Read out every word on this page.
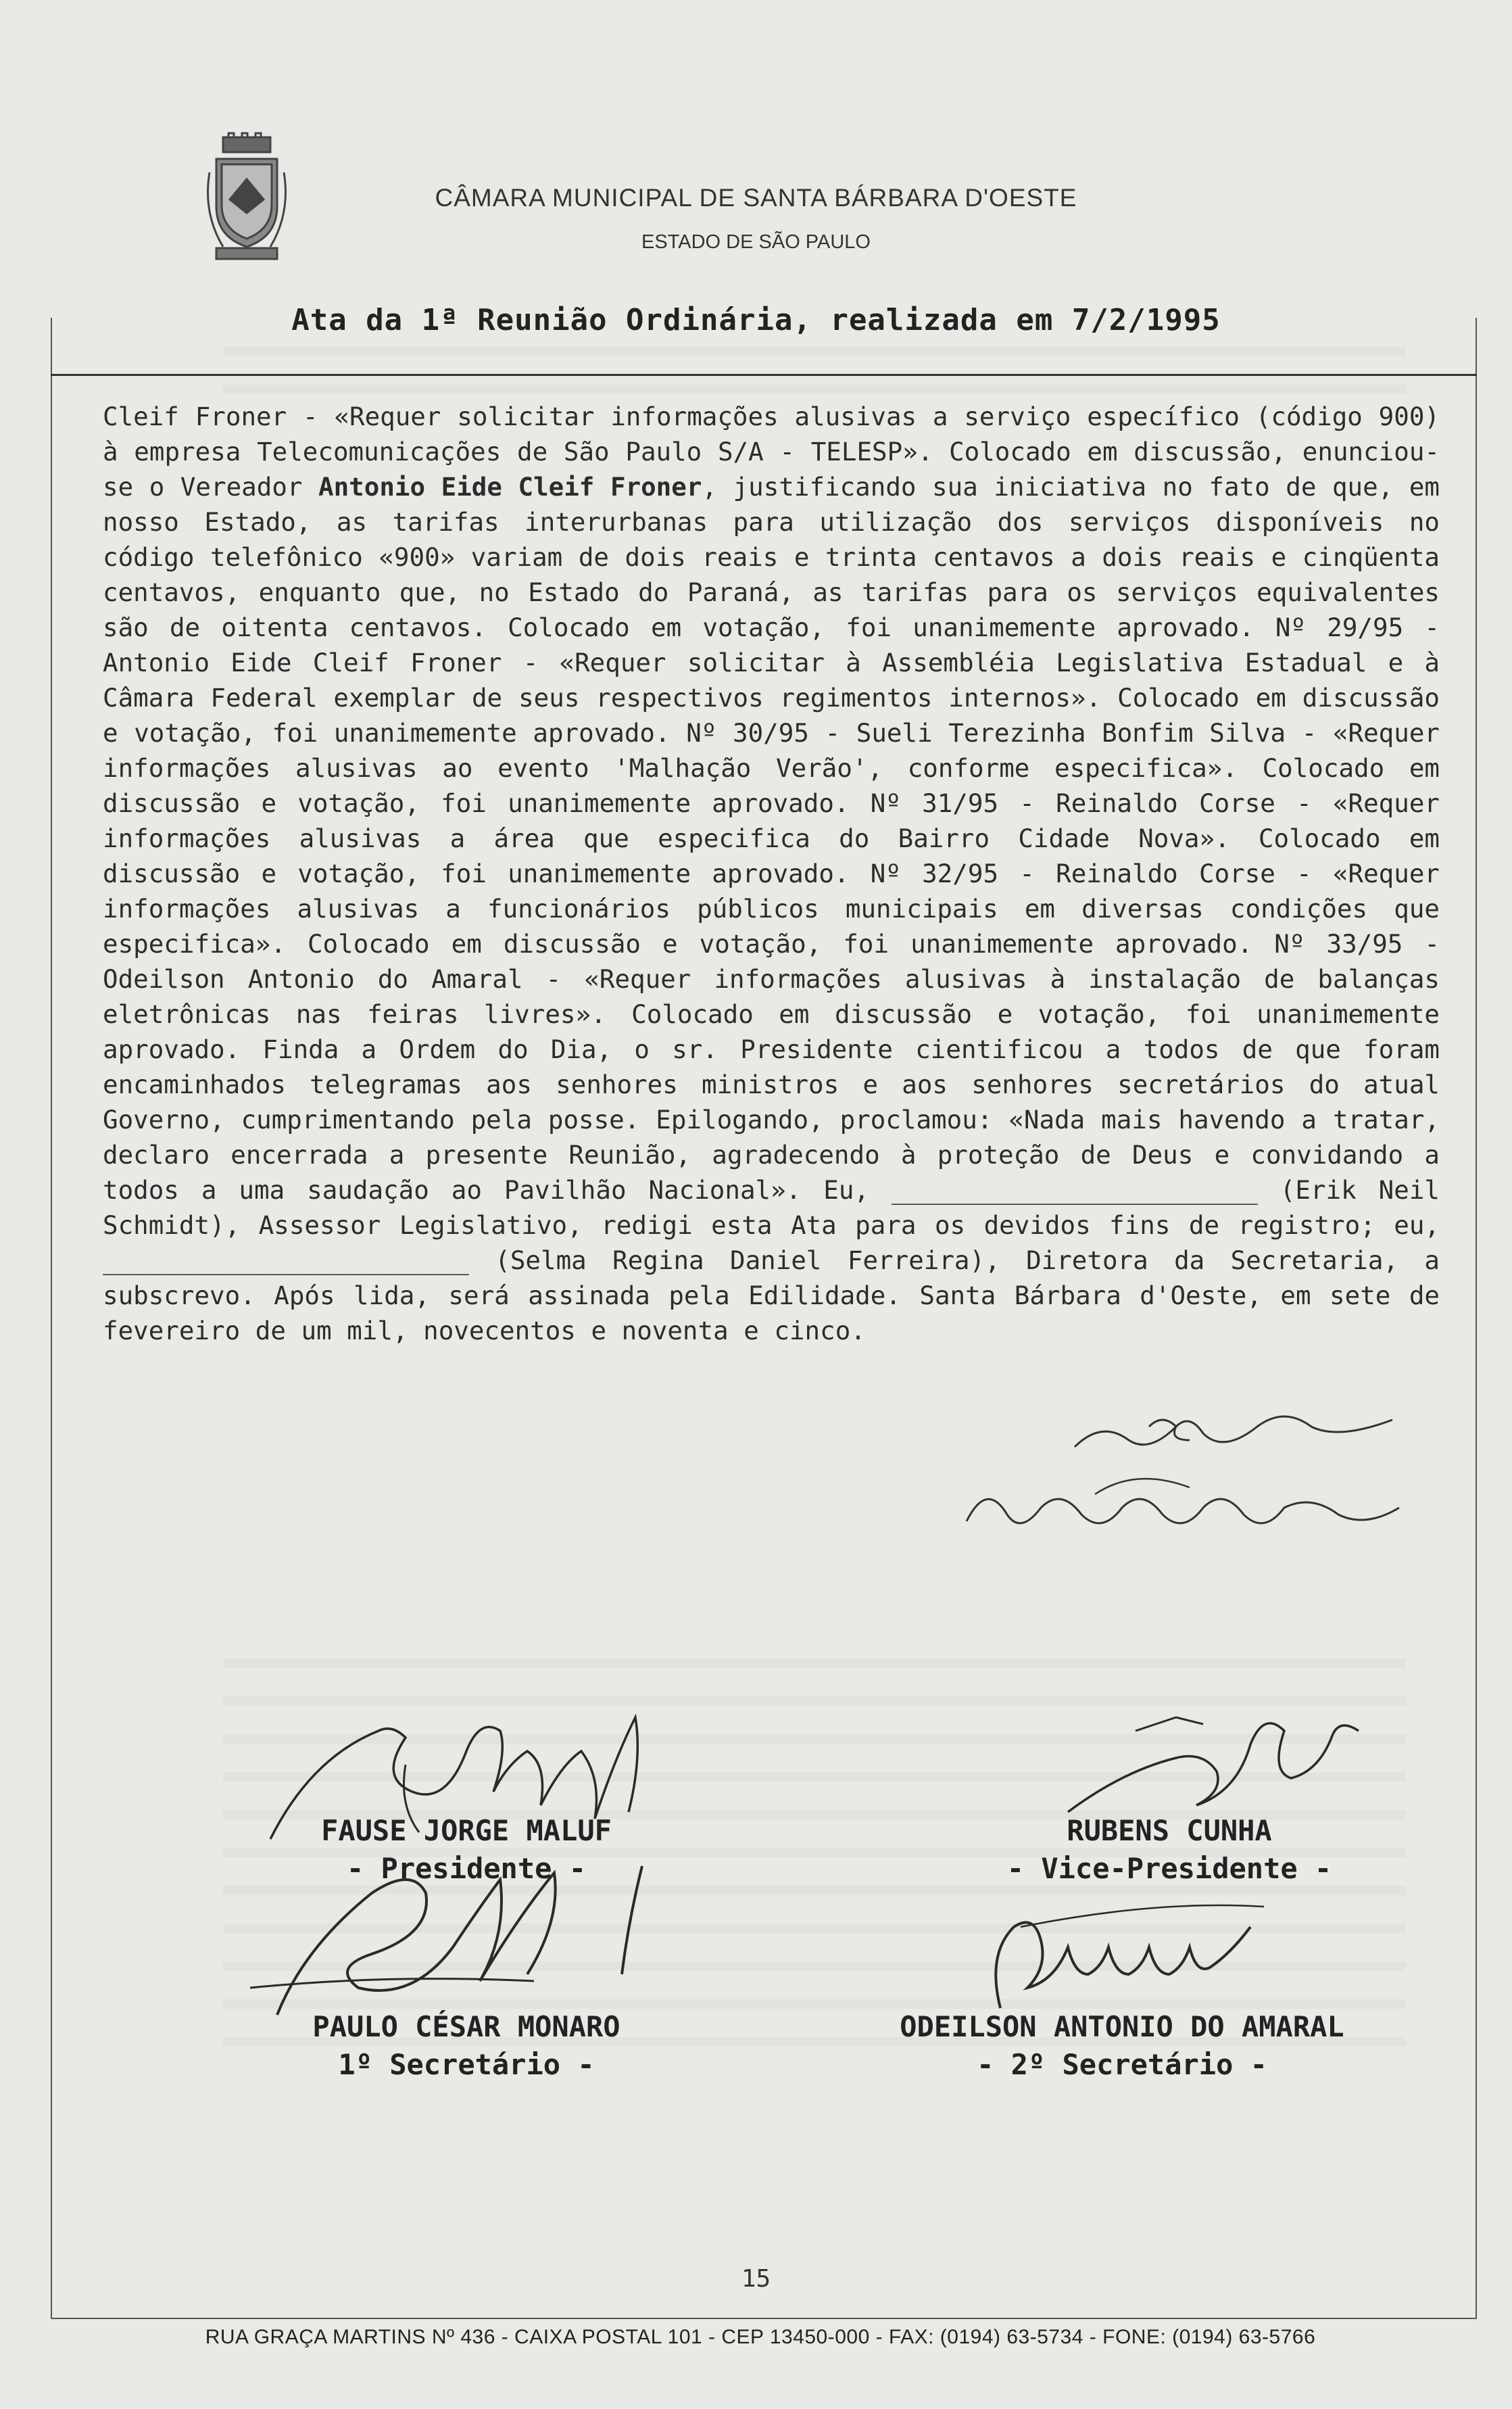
CÂMARA MUNICIPAL DE SANTA BÁRBARA D'OESTE
ESTADO DE SÃO PAULO
Ata da 1ª Reunião Ordinária, realizada em 7/2/1995
Cleif Froner - «Requer solicitar informações alusivas a serviço específico (código 900) à empresa Telecomunicações de São Paulo S/A - TELESP». Colocado em discussão, enunciou-se o Vereador Antonio Eide Cleif Froner, justificando sua iniciativa no fato de que, em nosso Estado, as tarifas interurbanas para utilização dos serviços disponíveis no código telefônico «900» variam de dois reais e trinta centavos a dois reais e cinqüenta centavos, enquanto que, no Estado do Paraná, as tarifas para os serviços equivalentes são de oitenta centavos. Colocado em votação, foi unanimemente aprovado. Nº 29/95 - Antonio Eide Cleif Froner - «Requer solicitar à Assembléia Legislativa Estadual e à Câmara Federal exemplar de seus respectivos regimentos internos». Colocado em discussão e votação, foi unanimemente aprovado. Nº 30/95 - Sueli Terezinha Bonfim Silva - «Requer informações alusivas ao evento 'Malhação Verão', conforme especifica». Colocado em discussão e votação, foi unanimemente aprovado. Nº 31/95 - Reinaldo Corse - «Requer informações alusivas a área que especifica do Bairro Cidade Nova». Colocado em discussão e votação, foi unanimemente aprovado. Nº 32/95 - Reinaldo Corse - «Requer informações alusivas a funcionários públicos municipais em diversas condições que especifica». Colocado em discussão e votação, foi unanimemente aprovado. Nº 33/95 - Odeilson Antonio do Amaral - «Requer informações alusivas à instalação de balanças eletrônicas nas feiras livres». Colocado em discussão e votação, foi unanimemente aprovado. Finda a Ordem do Dia, o sr. Presidente cientificou a todos de que foram encaminhados telegramas aos senhores ministros e aos senhores secretários do atual Governo, cumprimentando pela posse. Epilogando, proclamou: «Nada mais havendo a tratar, declaro encerrada a presente Reunião, agradecendo à proteção de Deus e convidando a todos a uma saudação ao Pavilhão Nacional». Eu, ________________________ (Erik Neil Schmidt), Assessor Legislativo, redigi esta Ata para os devidos fins de registro; eu, ________________________ (Selma Regina Daniel Ferreira), Diretora da Secretaria, a subscrevo. Após lida, será assinada pela Edilidade. Santa Bárbara d'Oeste, em sete de fevereiro de um mil, novecentos e noventa e cinco.
FAUSE JORGE MALUF
- Presidente -
RUBENS CUNHA
- Vice-Presidente -
PAULO CÉSAR MONARO
1º Secretário -
ODEILSON ANTONIO DO AMARAL
- 2º Secretário -
15
RUA GRAÇA MARTINS Nº 436 - CAIXA POSTAL 101 - CEP 13450-000 - FAX: (0194) 63-5734 - FONE: (0194) 63-5766
